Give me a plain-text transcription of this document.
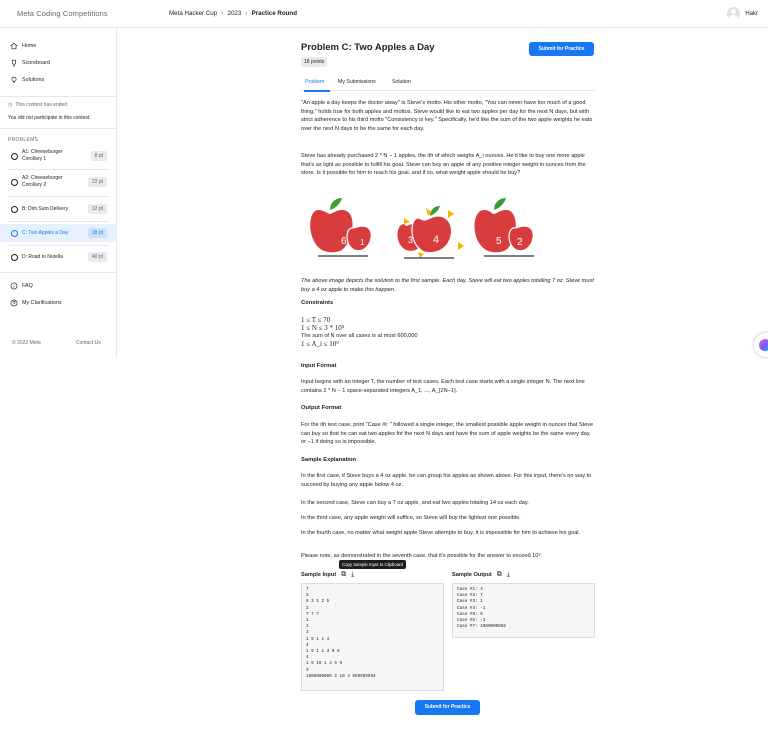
Meta Coding Competitions	Meta Hacker Cup › 2023 › Practice Round	Hakr
Home
Scoreboard
Solutions
◷ This contest has ended
You did not participate in this contest.
PROBLEMS
A1: Cheeseburger Corollary 1	8 pt
A2: Cheeseburger Corollary 2	22 pt
B: Dim Sum Delivery	12 pt
C: Two Apples a Day	18 pt
D: Road to Nutella	40 pt
FAQ
My Clarifications
© 2022 Meta	Contact Us
Problem C: Two Apples a Day
18 points
Submit for Practice
Problem	My Submissions	Solution
"An apple a day keeps the doctor away" is Steve's motto. His other motto, "You can never have too much of a good thing," holds true for both apples and mottos. Steve would like to eat two apples per day for the next N days, but with strict adherence to his third motto "Consistency is key." Specifically, he'd like the sum of the two apple weights he eats over the next N days to be the same for each day.
Steve has already purchased 2 * N − 1 apples, the ith of which weighs A_i ounces. He'd like to buy one more apple that's as light as possible to fulfill his goal. Steve can buy an apple of any positive integer weight in ounces from the store. Is it possible for him to reach his goal, and if so, what weight apple should he buy?
6 1	3 4	5 2
The above image depicts the solution to the first sample. Each day, Steve will eat two apples totalling 7 oz. Steve must buy a 4 oz apple to make this happen.
Constraints
1 ≤ T ≤ 70
1 ≤ N ≤ 3 * 10⁵
The sum of N over all cases is at most 600,000
1 ≤ A_i ≤ 10⁹
Input Format
Input begins with an integer T, the number of test cases. Each test case starts with a single integer N. The next line contains 2 * N − 1 space-separated integers A_1, ..., A_{2N−1}.
Output Format
For the ith test case, print "Case #i: " followed a single integer, the smallest possible apple weight in ounces that Steve can buy so that he can eat two apples for the next N days and have the sum of apple weights be the same every day, or −1 if doing so is impossible.
Sample Explanation
In the first case, if Steve buys a 4 oz apple, he can group his apples as shown above. For this input, there's no way to succeed by buying any apple below 4 oz.
In the second case, Steve can buy a 7 oz apple, and eat two apples totaling 14 oz each day.
In the third case, any apple weight will suffice, so Steve will buy the lightest one possible.
In the fourth case, no matter what weight apple Steve attempts to buy, it is impossible for him to achieve his goal.
Please note, as demonstrated in the seventh case, that it's possible for the answer to exceed 10⁹.
Copy Sample Input to Clipboard
Sample Input ⧉ ⤓	Sample Output ⧉ ⤓
7
3
6 3 1 2 5
2
7 7 7
1
1
3
1 9 1 1 4
4
1 9 1 1 4 9 9
4
1 9 10 1 4 6 9
3
1000000000 2 10 4 999999994
Case #1: 4
Case #2: 7
Case #3: 1
Case #4: -1
Case #5: 6
Case #6: -1
Case #7: 1000000002
Submit for Practice
